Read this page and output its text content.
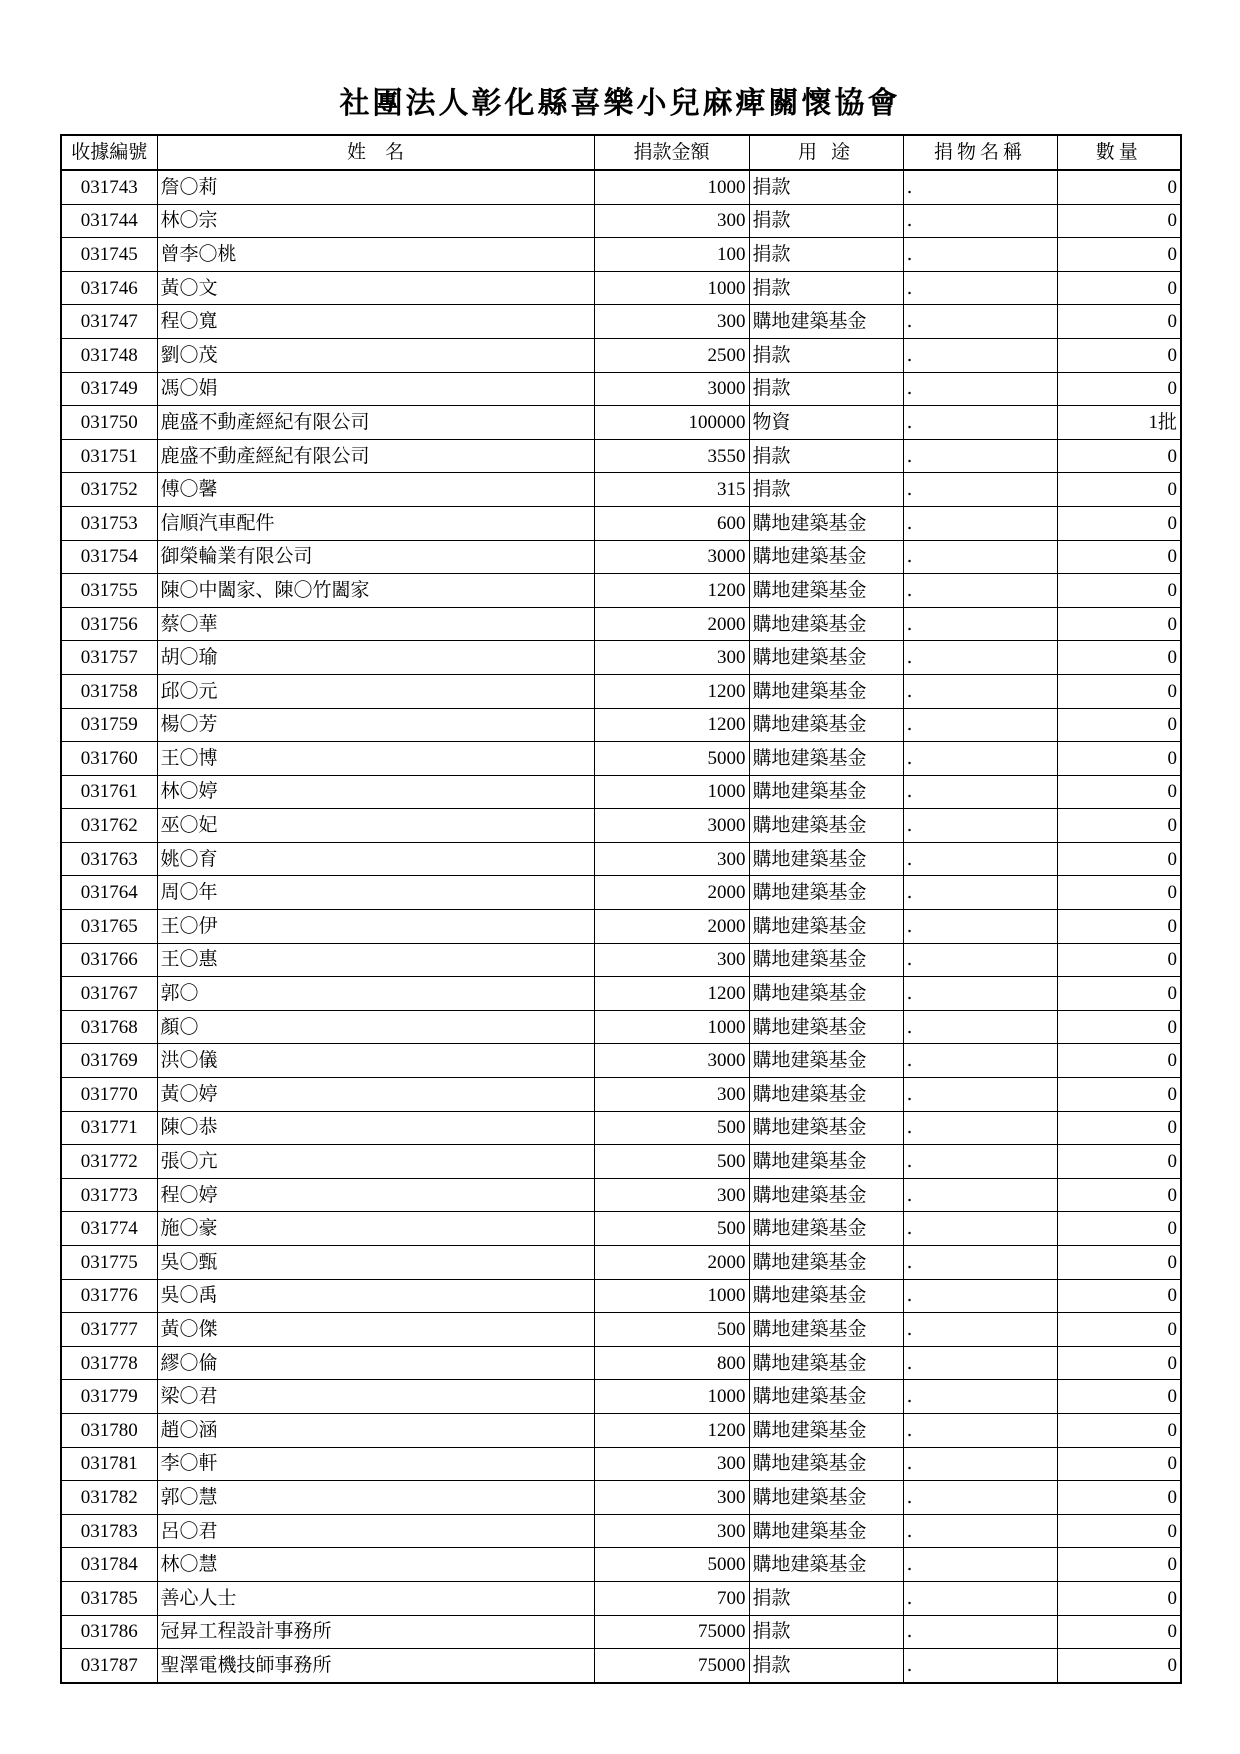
社團法人彰化縣喜樂小兒麻痺關懷協會
收據編號	姓　名	捐款金額	用 途	捐物名稱	數量
031743	詹〇莉	1000	捐款	.	0
031744	林〇宗	300	捐款	.	0
031745	曾李〇桃	100	捐款	.	0
031746	黃〇文	1000	捐款	.	0
031747	程〇寬	300	購地建築基金	.	0
031748	劉〇茂	2500	捐款	.	0
031749	馮〇娟	3000	捐款	.	0
031750	鹿盛不動產經紀有限公司	100000	物資	.	1批
031751	鹿盛不動產經紀有限公司	3550	捐款	.	0
031752	傅〇馨	315	捐款	.	0
031753	信順汽車配件	600	購地建築基金	.	0
031754	御榮輪業有限公司	3000	購地建築基金	.	0
031755	陳〇中闔家、陳〇竹闔家	1200	購地建築基金	.	0
031756	蔡〇華	2000	購地建築基金	.	0
031757	胡〇瑜	300	購地建築基金	.	0
031758	邱〇元	1200	購地建築基金	.	0
031759	楊〇芳	1200	購地建築基金	.	0
031760	王〇博	5000	購地建築基金	.	0
031761	林〇婷	1000	購地建築基金	.	0
031762	巫〇妃	3000	購地建築基金	.	0
031763	姚〇育	300	購地建築基金	.	0
031764	周〇年	2000	購地建築基金	.	0
031765	王〇伊	2000	購地建築基金	.	0
031766	王〇惠	300	購地建築基金	.	0
031767	郭〇	1200	購地建築基金	.	0
031768	顏〇	1000	購地建築基金	.	0
031769	洪〇儀	3000	購地建築基金	.	0
031770	黃〇婷	300	購地建築基金	.	0
031771	陳〇恭	500	購地建築基金	.	0
031772	張〇亢	500	購地建築基金	.	0
031773	程〇婷	300	購地建築基金	.	0
031774	施〇豪	500	購地建築基金	.	0
031775	吳〇甄	2000	購地建築基金	.	0
031776	吳〇禹	1000	購地建築基金	.	0
031777	黃〇傑	500	購地建築基金	.	0
031778	繆〇倫	800	購地建築基金	.	0
031779	梁〇君	1000	購地建築基金	.	0
031780	趙〇涵	1200	購地建築基金	.	0
031781	李〇軒	300	購地建築基金	.	0
031782	郭〇慧	300	購地建築基金	.	0
031783	呂〇君	300	購地建築基金	.	0
031784	林〇慧	5000	購地建築基金	.	0
031785	善心人士	700	捐款	.	0
031786	冠昇工程設計事務所	75000	捐款	.	0
031787	聖澤電機技師事務所	75000	捐款	.	0
